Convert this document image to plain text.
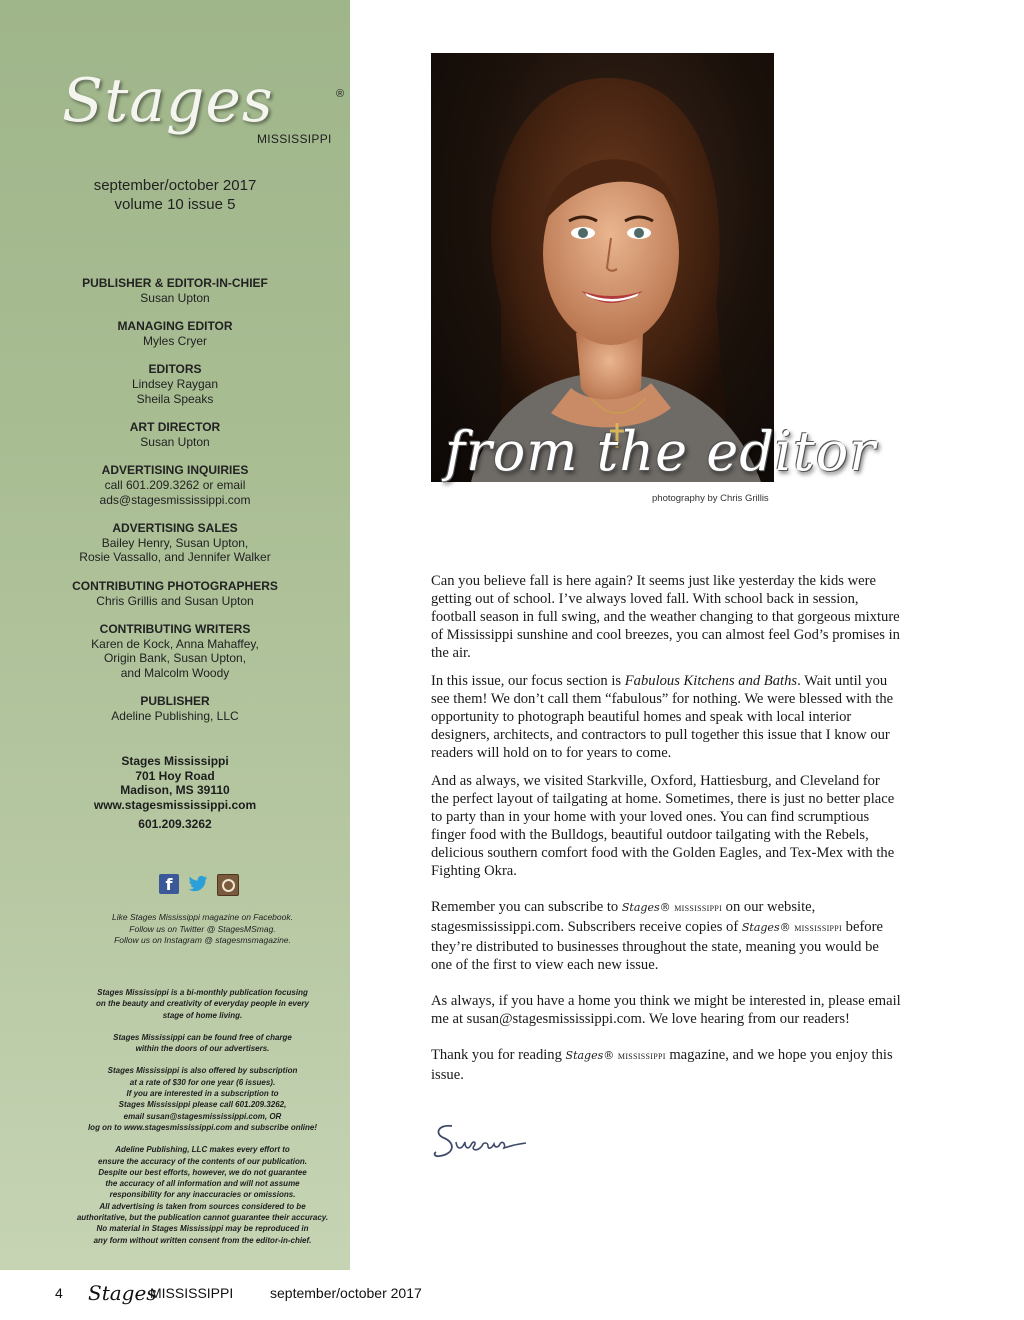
Stages	®
MISSISSIPPI
september/october 2017
volume 10 issue 5
PUBLISHER & EDITOR-IN-CHIEF
Susan Upton
MANAGING EDITOR
Myles Cryer
EDITORS
Lindsey Raygan
Sheila Speaks
ART DIRECTOR
Susan Upton
ADVERTISING INQUIRIES
call 601.209.3262 or email
ads@stagesmississippi.com
ADVERTISING SALES
Bailey Henry, Susan Upton,
Rosie Vassallo, and Jennifer Walker
CONTRIBUTING PHOTOGRAPHERS
Chris Grillis and Susan Upton
CONTRIBUTING WRITERS
Karen de Kock, Anna Mahaffey,
Origin Bank, Susan Upton,
and Malcolm Woody
PUBLISHER
Adeline Publishing, LLC
Stages Mississippi
701 Hoy Road
Madison, MS 39110
www.stagesmississippi.com
601.209.3262
f
Like Stages Mississippi magazine on Facebook.
Follow us on Twitter @ StagesMSmag.
Follow us on Instagram @ stagesmsmagazine.

Stages Mississippi is a bi-monthly publication focusing
on the beauty and creativity of everyday people in every
stage of home living.

Stages Mississippi can be found free of charge
within the doors of our advertisers.

Stages Mississippi is also offered by subscription
at a rate of $30 for one year (6 issues).
If you are interested in a subscription to
Stages Mississippi please call 601.209.3262,
email susan@stagesmississippi.com, OR
log on to www.stagesmississippi.com and subscribe online!

Adeline Publishing, LLC makes every effort to
ensure the accuracy of the contents of our publication.
Despite our best efforts, however, we do not guarantee
the accuracy of all information and will not assume
responsibility for any inaccuracies or omissions.
All advertising is taken from sources considered to be
authoritative, but the publication cannot guarantee their accuracy.
No material in Stages Mississippi may be reproduced in
any form without written consent from the editor-in-chief.

from the editor
photography by Chris Grillis

Can you believe fall is here again? It seems just like yesterday the kids were getting out of school. I’ve always loved fall. With school back in session, football season in full swing, and the weather changing to that gorgeous mixture of Mississippi sunshine and cool breezes, you can almost feel God’s promises in the air.

In this issue, our focus section is Fabulous Kitchens and Baths. Wait until you see them! We don’t call them “fabulous” for nothing. We were blessed with the opportunity to photograph beautiful homes and speak with local interior designers, architects, and contractors to pull together this issue that I know our readers will hold on to for years to come.

And as always, we visited Starkville, Oxford, Hattiesburg, and Cleveland for the perfect layout of tailgating at home. Sometimes, there is just no better place to party than in your home with your loved ones. You can find scrumptious finger food with the Bulldogs, beautiful outdoor tailgating with the Rebels, delicious southern comfort food with the Golden Eagles, and Tex-Mex with the Fighting Okra.

Remember you can subscribe to Stages® MISSISSIPPI on our website, stagesmississippi.com. Subscribers receive copies of Stages® MISSISSIPPI before they’re distributed to businesses throughout the state, meaning you would be one of the first to view each new issue.

As always, if you have a home you think we might be interested in, please email me at susan@stagesmississippi.com. We love hearing from our readers!

Thank you for reading Stages® MISSISSIPPI magazine, and we hope you enjoy this issue.

4 Stages
MISSISSIPPI	september/october 2017
